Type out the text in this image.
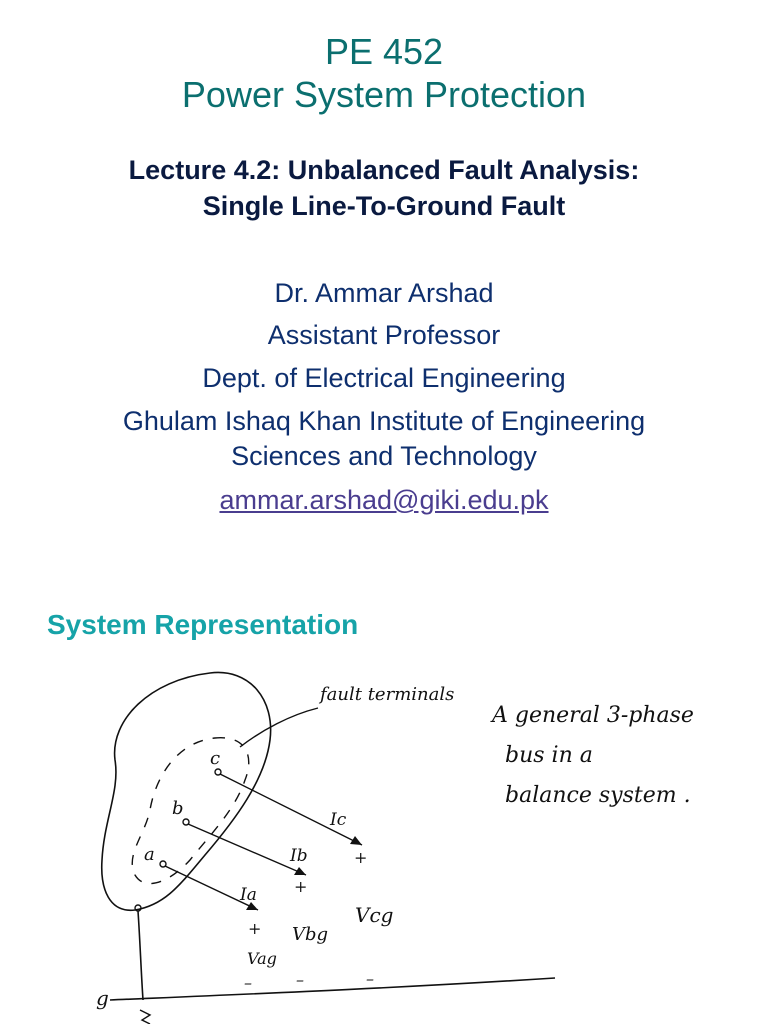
PE 452
Power System Protection
Lecture 4.2: Unbalanced Fault Analysis:
Single Line-To-Ground Fault
Dr. Ammar Arshad
Assistant Professor
Dept. of Electrical Engineering
Ghulam Ishaq Khan Institute of Engineering
Sciences and Technology
ammar.arshad@giki.edu.pk
System Representation
fault terminals
A general 3-phase
bus in a
balance system .
c
Ic
+
b
Ib
+
a
Ia
+
Vag
–
Vbg
–
Vcg
–
g
